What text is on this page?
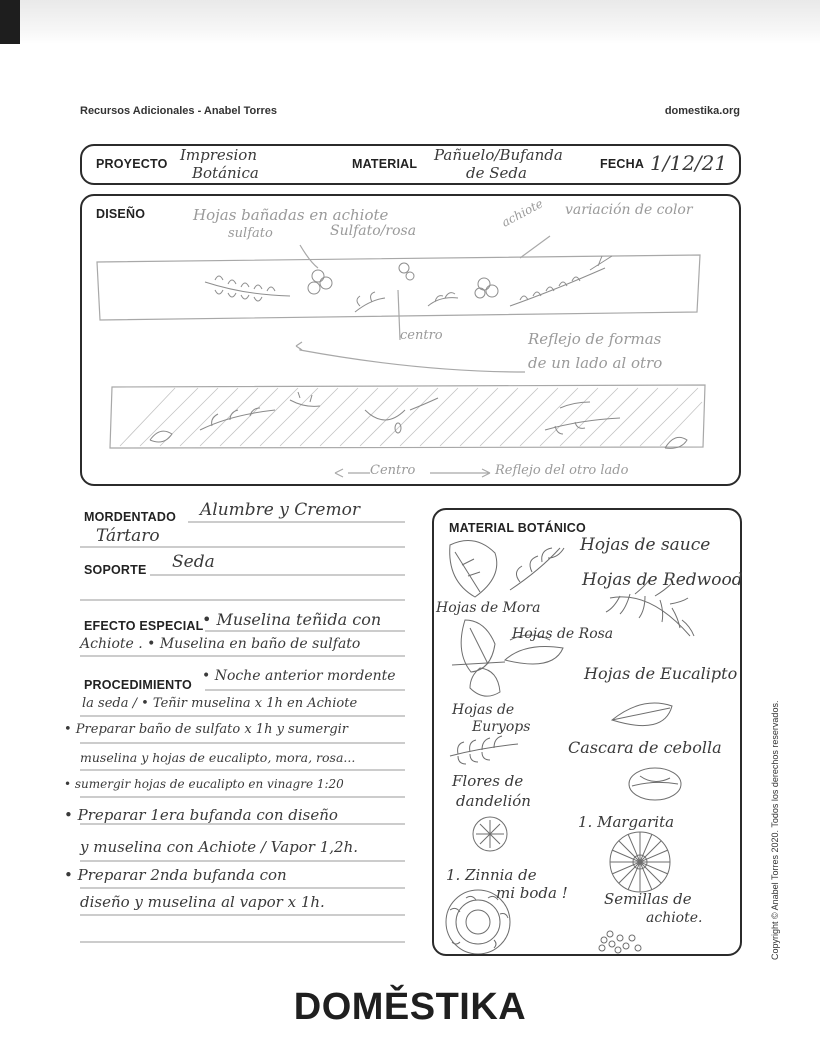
Recursos Adicionales - Anabel Torres	domestika.org
PROYECTO Impresion
Botánica	MATERIAL Pañuelo/Bufanda
de Seda	FECHA 1/12/21
DISEÑO	Hojas bañadas en achiote
sulfato	Sulfato/rosa
achiote variación de color
centro	Reflejo de formas
de un lado al otro
Centro	Reflejo del otro lado
MORDENTADO Alumbre y Cremor
Tártaro
SOPORTE Seda
EFECTO ESPECIAL
• Muselina teñida con
Achiote . • Muselina en baño de sulfato
PROCEDIMIENTO
• Noche anterior mordente
la seda / • Teñir muselina x 1h en Achiote
• Preparar baño de sulfato x 1h y sumergir
muselina y hojas de eucalipto, mora, rosa...
• sumergir hojas de eucalipto en vinagre 1:20
• Preparar 1era bufanda con diseño
y muselina con Achiote / Vapor 1,2h.
• Preparar 2nda bufanda con
diseño y muselina al vapor x 1h.
MATERIAL BOTÁNICO
Hojas de sauce
Hojas de Redwood
Hojas de Mora
Hojas de Rosa
Hojas de Eucalipto
Hojas de
Euryops
Cascara de cebolla
Flores de
dandelión
1. Margarita
1. Zinnia de
mi boda ! Semillas de
achiote.
DOMĚSTIKA
Copyright © Anabel Torres 2020. Todos los derechos reservados.
